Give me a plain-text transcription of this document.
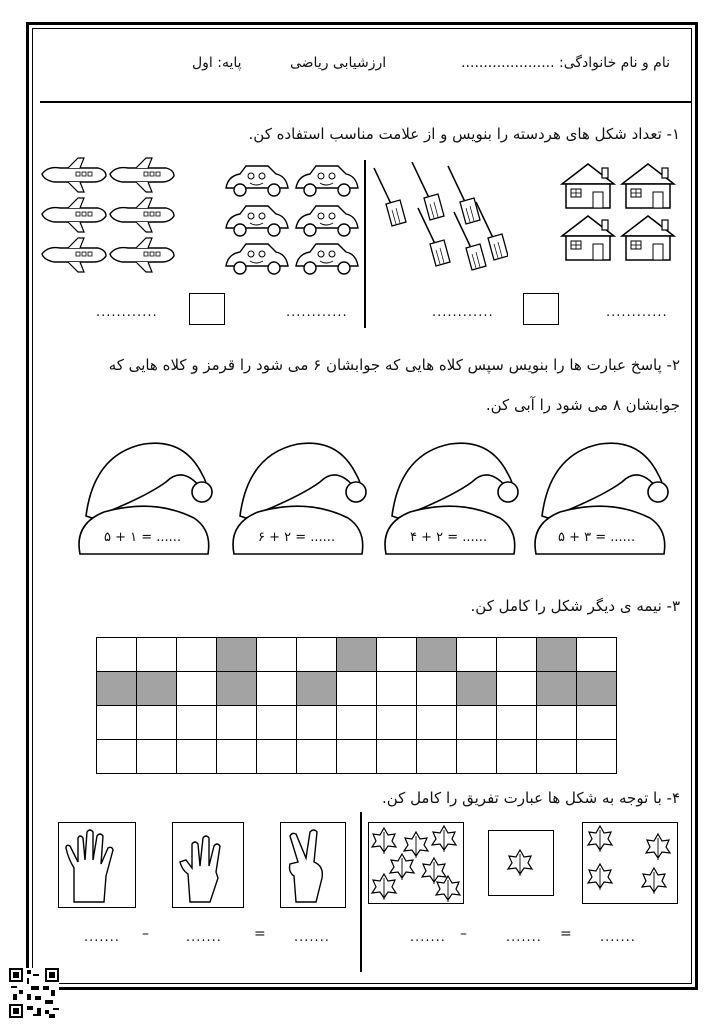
نام و نام خانوادگی: .....................
ارزشیابی ریاضی
پایه: اول
۱- تعداد شکل های هردسته را بنویس و از علامت مناسب استفاده کن.
............
............
............
............
۲- پاسخ عبارت ها را بنویس سپس کلاه هایی که جوابشان ۶ می شود را قرمز و کلاه هایی که
جوابشان ۸ می شود را آبی کن.
۵ + ۳ = ......
۴ + ۲ = ......
۶ + ۲ = ......
۵ + ۱ = ......
۳- نیمه ی دیگر شکل را کامل کن.

۴- با توجه به شکل ها عبارت تفریق را کامل کن.
.......
=
.......
–
.......
.......
=
.......
–
.......
